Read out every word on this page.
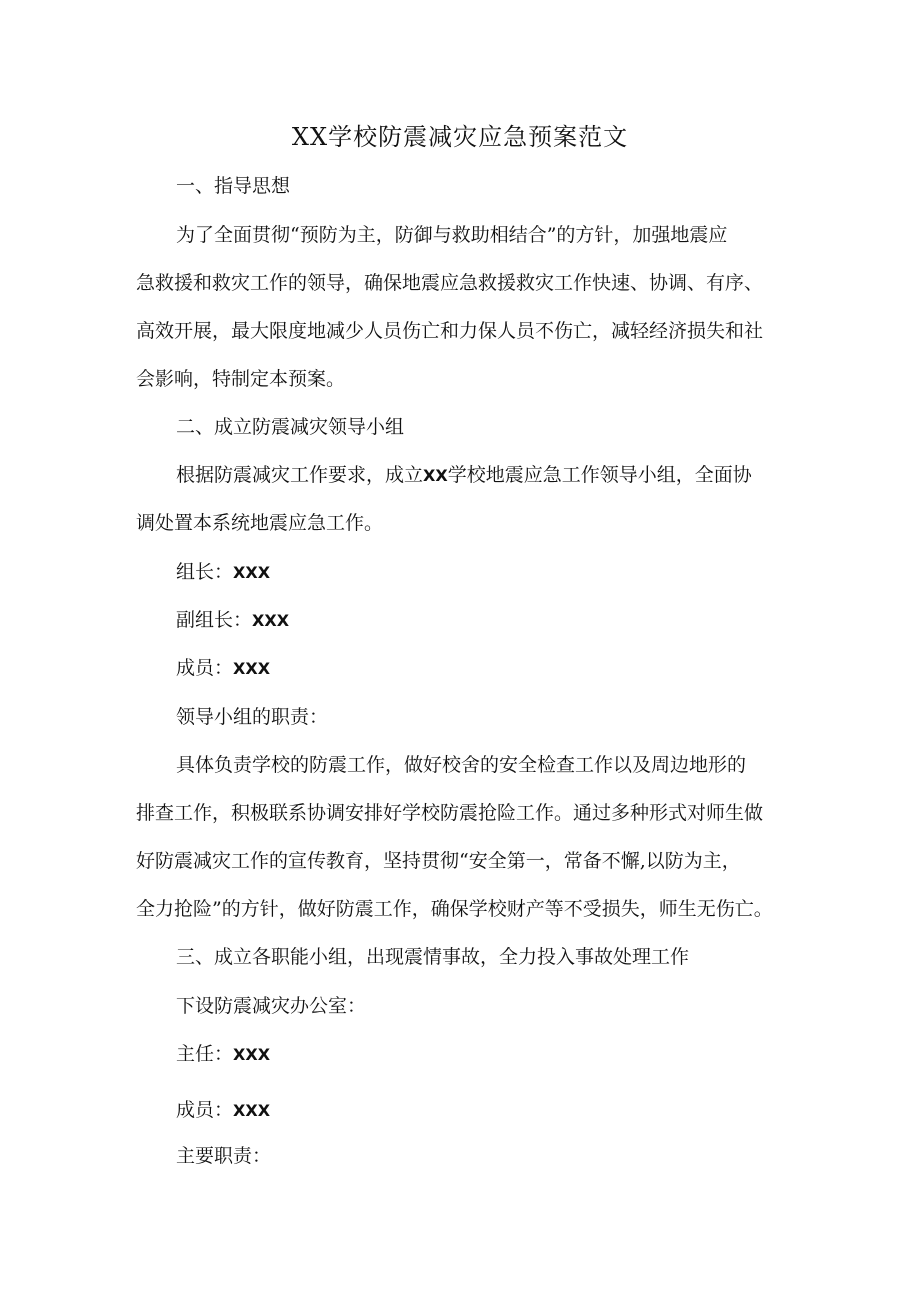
XX学校防震减灾应急预案范文
一、指导思想
为了全面贯彻“预防为主，防御与救助相结合”的方针，加强地震应
急救援和救灾工作的领导，确保地震应急救援救灾工作快速、协调、有序、
高效开展，最大限度地减少人员伤亡和力保人员不伤亡，减轻经济损失和社
会影响，特制定本预案。
二、成立防震减灾领导小组
根据防震减灾工作要求，成立XX学校地震应急工作领导小组，全面协
调处置本系统地震应急工作。
组长：XXX
副组长：XXX
成员：XXX
领导小组的职责：
具体负责学校的防震工作，做好校舍的安全检查工作以及周边地形的
排查工作，积极联系协调安排好学校防震抢险工作。通过多种形式对师生做
好防震减灾工作的宣传教育，坚持贯彻“安全第一，常备不懈,以防为主，
全力抢险”的方针，做好防震工作，确保学校财产等不受损失，师生无伤亡。
三、成立各职能小组，出现震情事故，全力投入事故处理工作
下设防震减灾办公室：
主任：XXX
成员：XXX
主要职责：
